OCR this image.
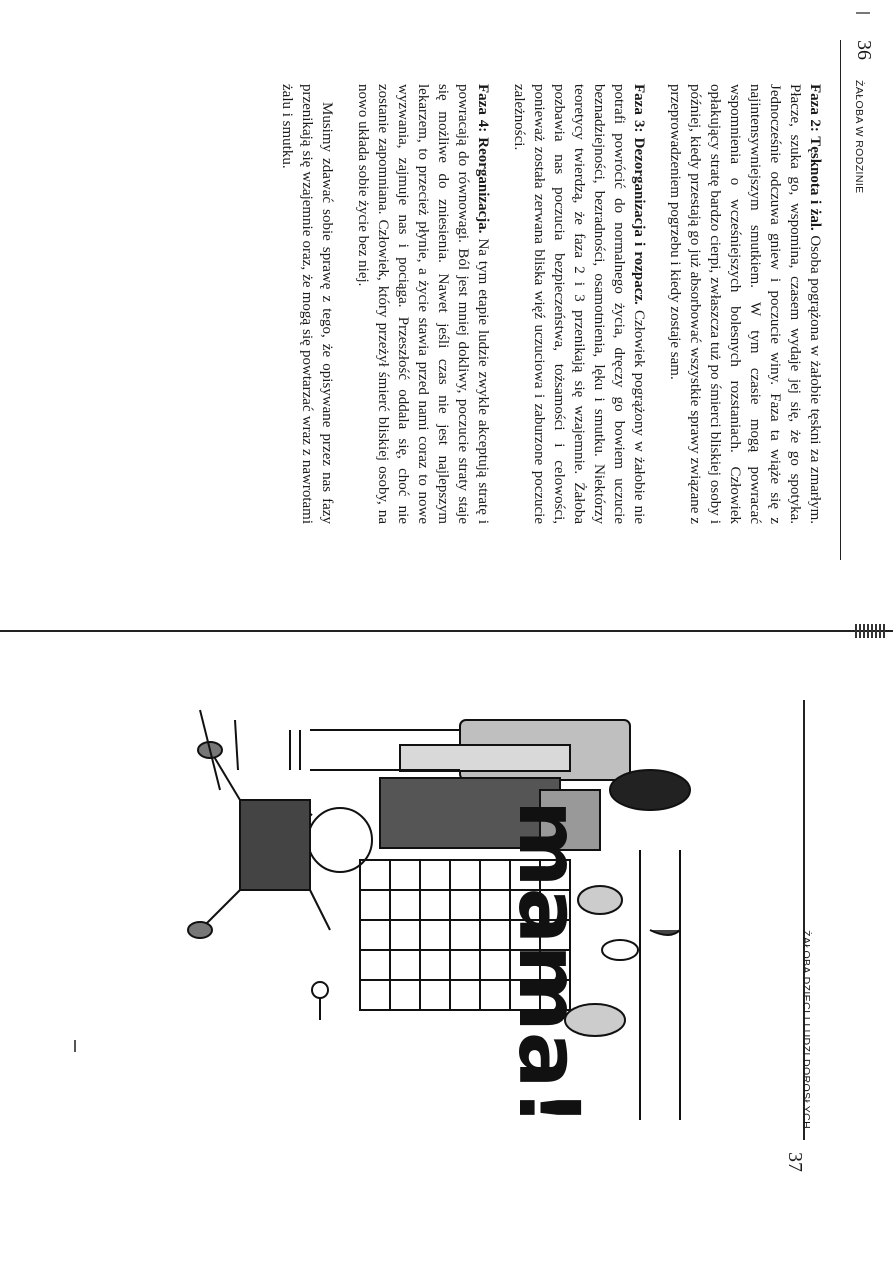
36
ŻAŁOBA W RODZINIE

Faza 2: Tęsknota i żal. Osoba pogrążona w żałobie tęskni za zmarłym. Płacze, szuka go, wspomina, czasem wydaje jej się, że go spotyka. Jednocześnie odczuwa gniew i poczucie winy. Faza ta wiąże się z najintensywniejszym smutkiem. W tym czasie mogą powracać wspomnienia o wcześniejszych bolesnych rozstaniach. Człowiek opłakujący stratę bardzo cierpi, zwłaszcza tuż po śmierci bliskiej osoby i później, kiedy przestają go już absorbować wszystkie sprawy związane z przeprowadzeniem pogrzebu i kiedy zostaje sam.

Faza 3: Dezorganizacja i rozpacz. Człowiek pogrążony w żałobie nie potrafi powrócić do normalnego życia, dręczy go bowiem uczucie beznadziejności, bezradności, osamotnienia, lęku i smutku. Niektórzy teoretycy twierdzą, że faza 2 i 3 przenikają się wzajemnie. Żałoba pozbawia nas poczucia bezpieczeństwa, tożsamości i celowości, ponieważ została zerwana bliska więź uczuciowa i zaburzone poczucie zależności.

Faza 4: Reorganizacja. Na tym etapie ludzie zwykle akceptują stratę i powracają do równowagi. Ból jest mniej dokliwy, poczucie straty staje się możliwe do zniesienia. Nawet jeśli czas nie jest najlepszym lekarzem, to przecież płynie, a życie stawia przed nami coraz to nowe wyzwania, zajmuje nas i pociąga. Przeszłość oddala się, choć nie zostanie zapomniana. Człowiek, który przeżył śmierć bliskiej osoby, na nowo układa sobie życie bez niej.

Musimy zdawać sobie sprawę z tego, że opisywane przez nas fazy przenikają się wzajemnie oraz, że mogą się powtarzać wraz z nawrotami żalu i smutku.

ŻAŁOBA DZIECI I LUDZI DOROSŁYCH
37
mama!
